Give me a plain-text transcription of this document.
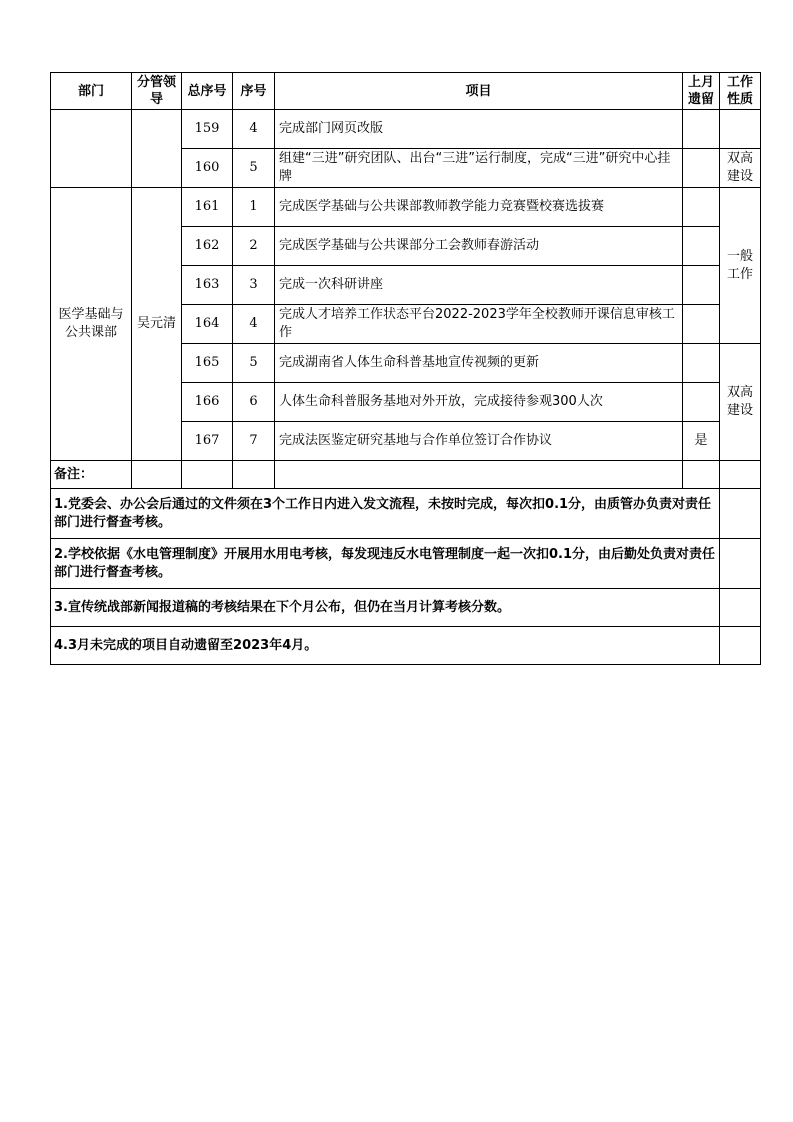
部门	分管领导	总序号	序号	项目	上月遗留	工作性质
		159	4	完成部门网页改版		
		160	5	组建“三进”研究团队、出台“三进”运行制度，完成“三进”研究中心挂牌		双高建设
医学基础与公共课部	吴元清	161	1	完成医学基础与公共课部教师教学能力竞赛暨校赛选拔赛		一般工作
		162	2	完成医学基础与公共课部分工会教师春游活动		
		163	3	完成一次科研讲座		
		164	4	完成人才培养工作状态平台2022-2023学年全校教师开课信息审核工作		
		165	5	完成湖南省人体生命科普基地宣传视频的更新		双高建设
		166	6	人体生命科普服务基地对外开放，完成接待参观300人次		
		167	7	完成法医鉴定研究基地与合作单位签订合作协议	是	
备注：						
1.党委会、办公会后通过的文件须在3个工作日内进入发文流程，未按时完成，每次扣0.1分，由质管办负责对责任部门进行督查考核。						
2.学校依据《水电管理制度》开展用水用电考核，每发现违反水电管理制度一起一次扣0.1分，由后勤处负责对责任部门进行督查考核。						
3.宣传统战部新闻报道稿的考核结果在下个月公布，但仍在当月计算考核分数。						
4.3月未完成的项目自动遗留至2023年4月。						
